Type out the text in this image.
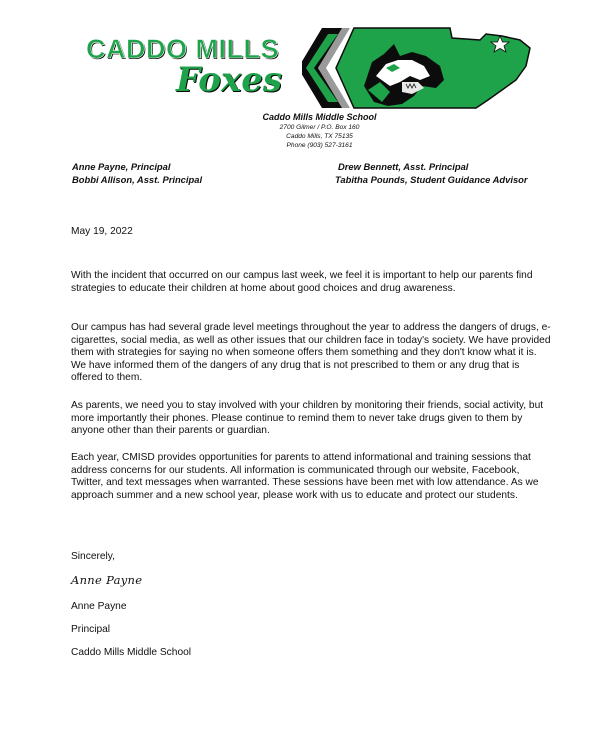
CADDO MILLS
Foxes
Caddo Mills Middle School
2700 Gilmer / P.O. Box 160
Caddo Mills, TX 75135
Phone (903) 527-3161
Anne Payne, Principal
Bobbi Allison, Asst. Principal
Drew Bennett, Asst. Principal
Tabitha Pounds, Student Guidance Advisor
May 19, 2022
With the incident that occurred on our campus last week, we feel it is important to help our parents find strategies to educate their children at home about good choices and drug awareness.
Our campus has had several grade level meetings throughout the year to address the dangers of drugs, e-cigarettes, social media, as well as other issues that our children face in today's society. We have provided them with strategies for saying no when someone offers them something and they don't know what it is. We have informed them of the dangers of any drug that is not prescribed to them or any drug that is offered to them.
As parents, we need you to stay involved with your children by monitoring their friends, social activity, but more importantly their phones. Please continue to remind them to never take drugs given to them by anyone other than their parents or guardian.
Each year, CMISD provides opportunities for parents to attend informational and training sessions that address concerns for our students. All information is communicated through our website, Facebook, Twitter, and text messages when warranted. These sessions have been met with low attendance. As we approach summer and a new school year, please work with us to educate and protect our students.
Sincerely,
Anne Payne
Anne Payne
Principal
Caddo Mills Middle School
